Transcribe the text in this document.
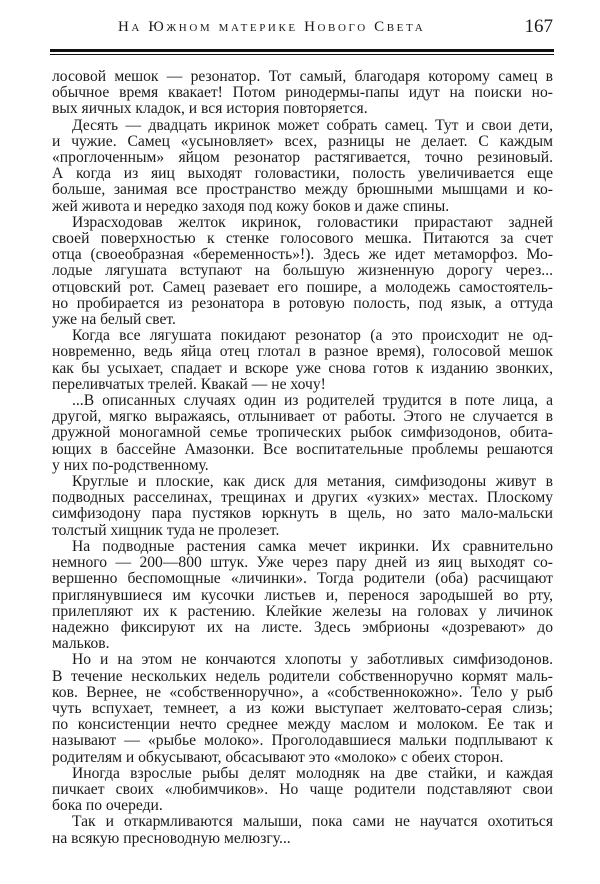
На Южном материке Нового Света	167
лосовой мешок — резонатор. Тот самый, благодаря которому самец в
обычное время квакает! Потом ринодермы-папы идут на поиски но-
вых яичных кладок, и вся история повторяется.
Десять — двадцать икринок может собрать самец. Тут и свои дети,
и чужие. Самец «усыновляет» всех, разницы не делает. С каждым
«проглоченным» яйцом резонатор растягивается, точно резиновый.
А когда из яиц выходят головастики, полость увеличивается еще
больше, занимая все пространство между брюшными мышцами и ко-
жей живота и нередко заходя под кожу боков и даже спины.
Израсходовав желток икринок, головастики прирастают задней
своей поверхностью к стенке голосового мешка. Питаются за счет
отца (своеобразная «беременность»!). Здесь же идет метаморфоз. Мо-
лодые лягушата вступают на большую жизненную дорогу через...
отцовский рот. Самец разевает его пошире, а молодежь самостоятель-
но пробирается из резонатора в ротовую полость, под язык, а оттуда
уже на белый свет.
Когда все лягушата покидают резонатор (а это происходит не од-
новременно, ведь яйца отец глотал в разное время), голосовой мешок
как бы усыхает, спадает и вскоре уже снова готов к изданию звонких,
переливчатых трелей. Квакай — не хочу!
...В описанных случаях один из родителей трудится в поте лица, а
другой, мягко выражаясь, отлынивает от работы. Этого не случается в
дружной моногамной семье тропических рыбок симфизодонов, обита-
ющих в бассейне Амазонки. Все воспитательные проблемы решаются
у них по-родственному.
Круглые и плоские, как диск для метания, симфизодоны живут в
подводных расселинах, трещинах и других «узких» местах. Плоскому
симфизодону пара пустяков юркнуть в щель, но зато мало-мальски
толстый хищник туда не пролезет.
На подводные растения самка мечет икринки. Их сравнительно
немного — 200—800 штук. Уже через пару дней из яиц выходят со-
вершенно беспомощные «личинки». Тогда родители (оба) расчищают
приглянувшиеся им кусочки листьев и, перенося зародышей во рту,
прилепляют их к растению. Клейкие железы на головах у личинок
надежно фиксируют их на листе. Здесь эмбрионы «дозревают» до
мальков.
Но и на этом не кончаются хлопоты у заботливых симфизодонов.
В течение нескольких недель родители собственноручно кормят маль-
ков. Вернее, не «собственноручно», а «собственнокожно». Тело у рыб
чуть вспухает, темнеет, а из кожи выступает желтовато-серая слизь;
по консистенции нечто среднее между маслом и молоком. Ее так и
называют — «рыбье молоко». Проголодавшиеся мальки подплывают к
родителям и обкусывают, обсасывают это «молоко» с обеих сторон.
Иногда взрослые рыбы делят молодняк на две стайки, и каждая
пичкает своих «любимчиков». Но чаще родители подставляют свои
бока по очереди.
Так и откармливаются малыши, пока сами не научатся охотиться
на всякую пресноводную мелюзгу...
